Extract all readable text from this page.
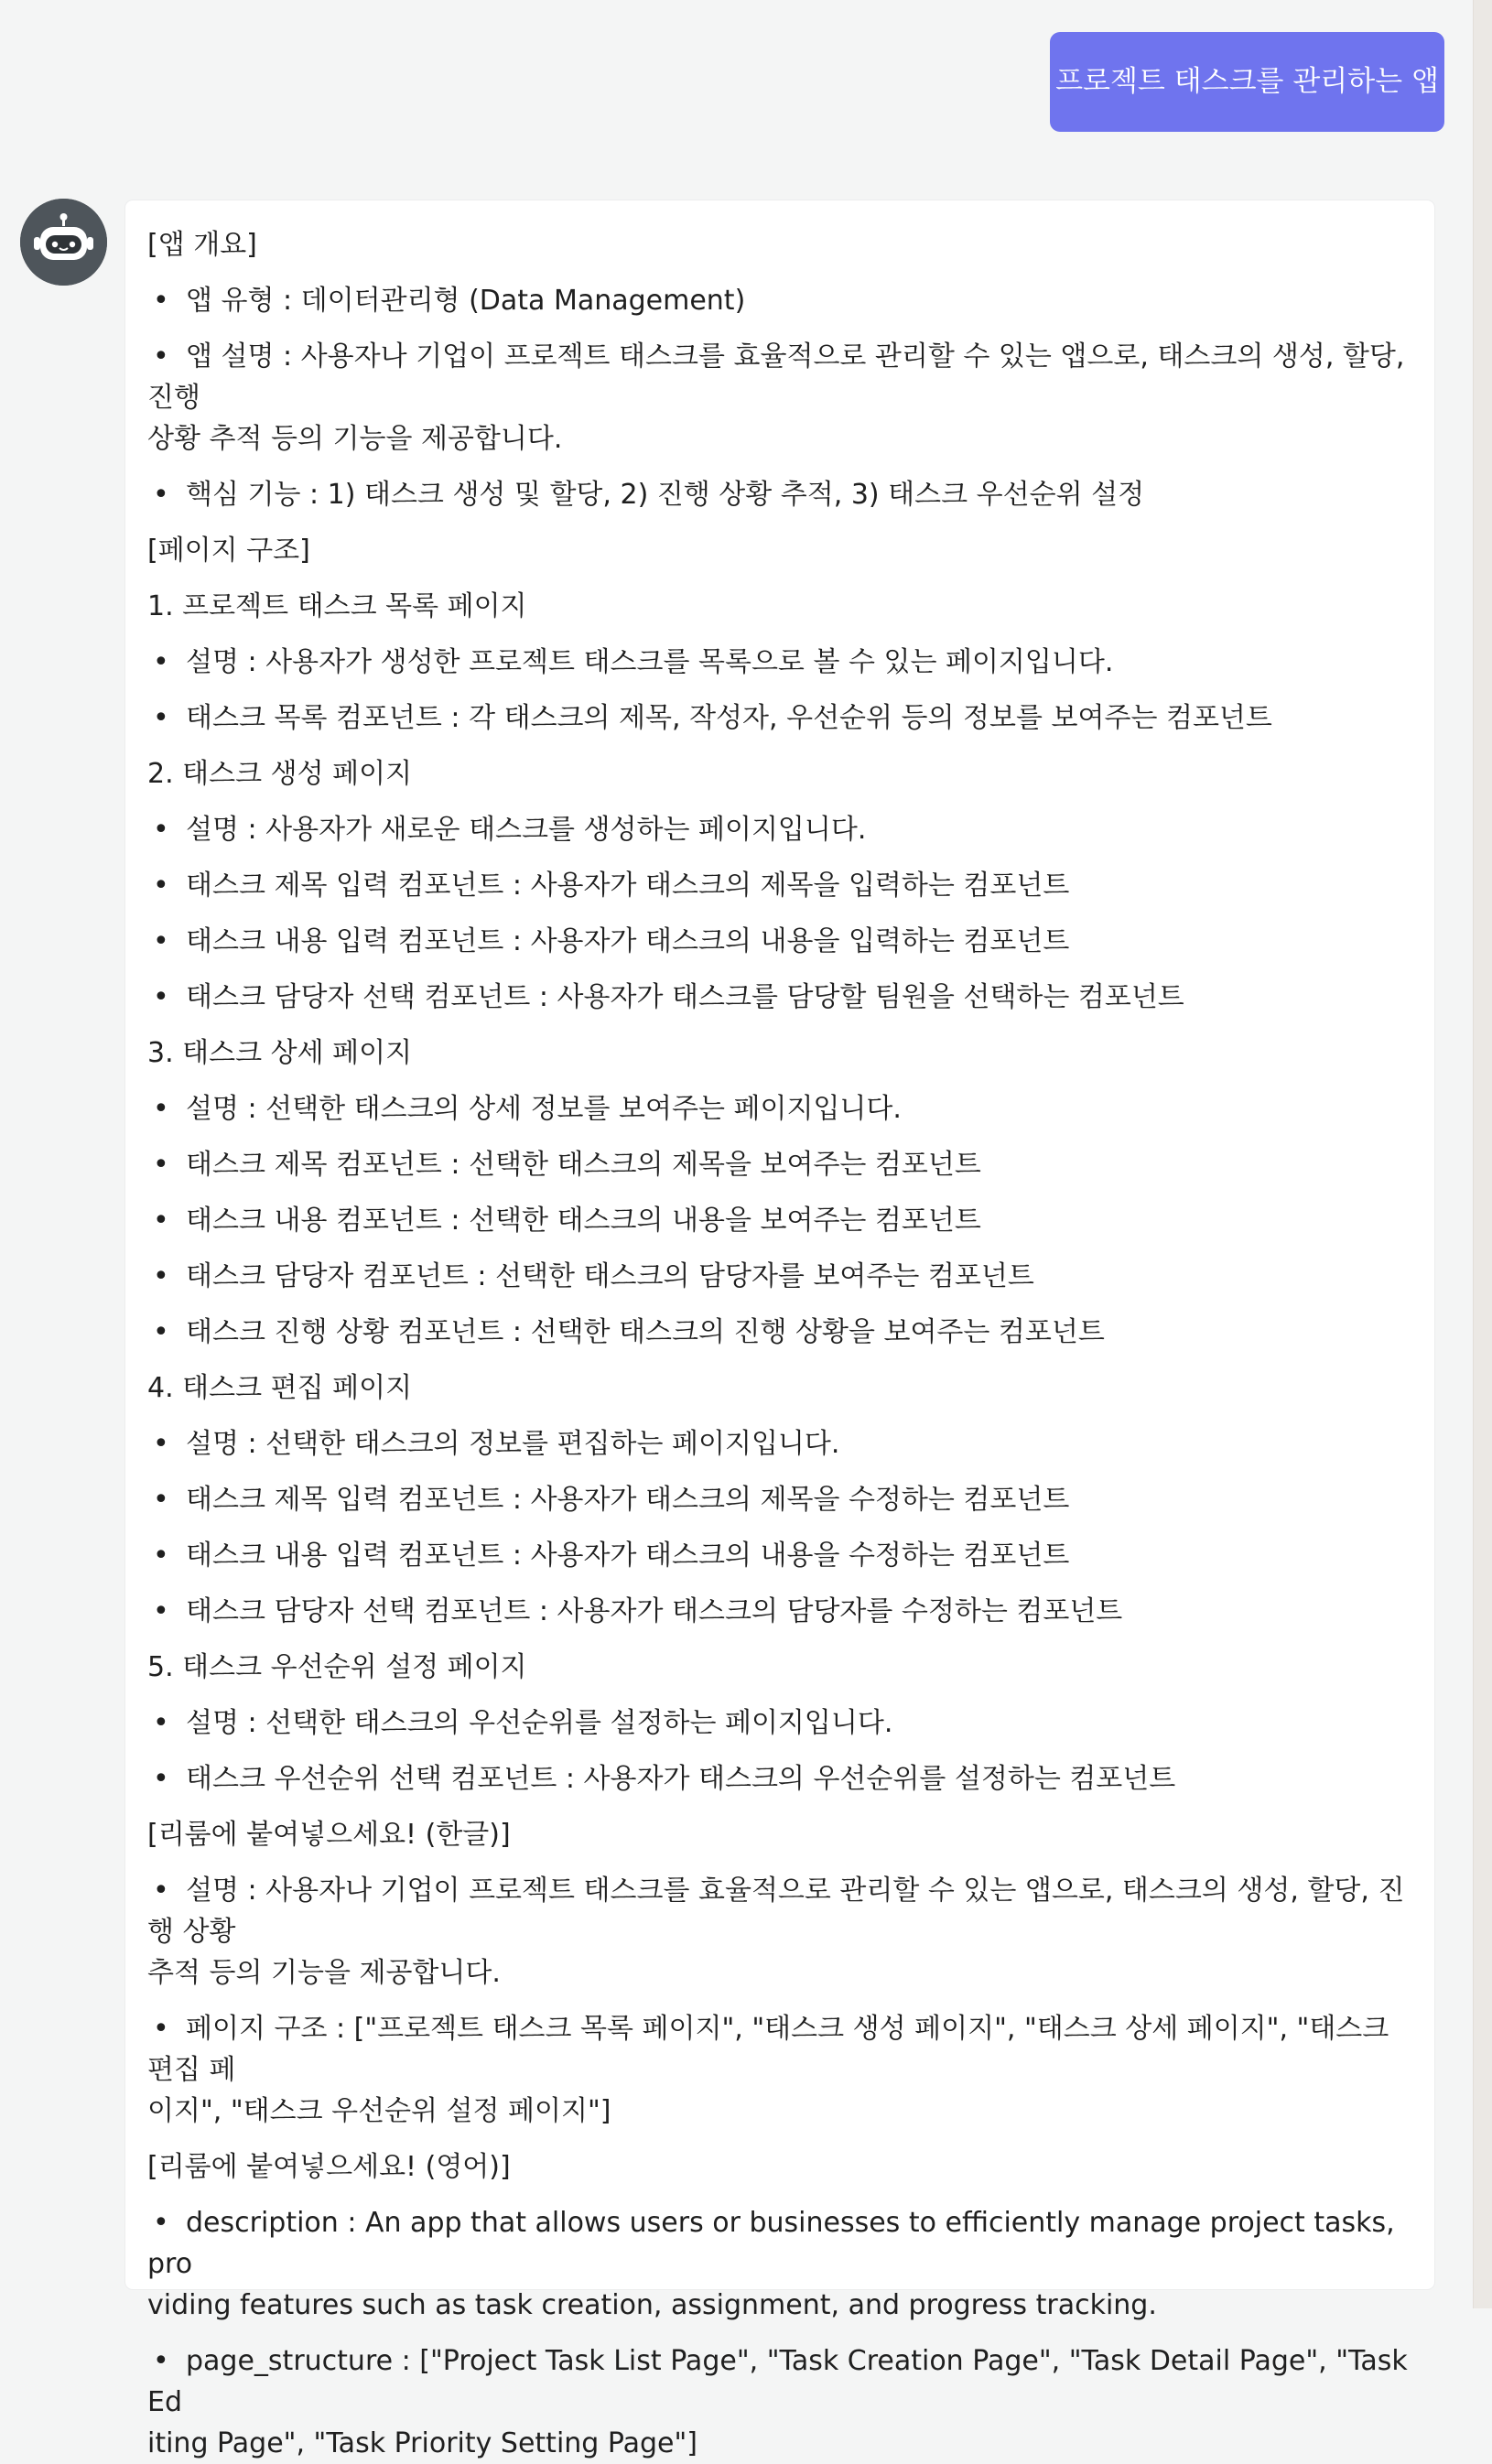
프로젝트 태스크를 관리하는 앱
[앱 개요]
• 앱 유형 : 데이터관리형 (Data Management)
• 앱 설명 : 사용자나 기업이 프로젝트 태스크를 효율적으로 관리할 수 있는 앱으로, 태스크의 생성, 할당, 진행
상황 추적 등의 기능을 제공합니다.
• 핵심 기능 : 1) 태스크 생성 및 할당, 2) 진행 상황 추적, 3) 태스크 우선순위 설정
[페이지 구조]
1. 프로젝트 태스크 목록 페이지
• 설명 : 사용자가 생성한 프로젝트 태스크를 목록으로 볼 수 있는 페이지입니다.
• 태스크 목록 컴포넌트 : 각 태스크의 제목, 작성자, 우선순위 등의 정보를 보여주는 컴포넌트
2. 태스크 생성 페이지
• 설명 : 사용자가 새로운 태스크를 생성하는 페이지입니다.
• 태스크 제목 입력 컴포넌트 : 사용자가 태스크의 제목을 입력하는 컴포넌트
• 태스크 내용 입력 컴포넌트 : 사용자가 태스크의 내용을 입력하는 컴포넌트
• 태스크 담당자 선택 컴포넌트 : 사용자가 태스크를 담당할 팀원을 선택하는 컴포넌트
3. 태스크 상세 페이지
• 설명 : 선택한 태스크의 상세 정보를 보여주는 페이지입니다.
• 태스크 제목 컴포넌트 : 선택한 태스크의 제목을 보여주는 컴포넌트
• 태스크 내용 컴포넌트 : 선택한 태스크의 내용을 보여주는 컴포넌트
• 태스크 담당자 컴포넌트 : 선택한 태스크의 담당자를 보여주는 컴포넌트
• 태스크 진행 상황 컴포넌트 : 선택한 태스크의 진행 상황을 보여주는 컴포넌트
4. 태스크 편집 페이지
• 설명 : 선택한 태스크의 정보를 편집하는 페이지입니다.
• 태스크 제목 입력 컴포넌트 : 사용자가 태스크의 제목을 수정하는 컴포넌트
• 태스크 내용 입력 컴포넌트 : 사용자가 태스크의 내용을 수정하는 컴포넌트
• 태스크 담당자 선택 컴포넌트 : 사용자가 태스크의 담당자를 수정하는 컴포넌트
5. 태스크 우선순위 설정 페이지
• 설명 : 선택한 태스크의 우선순위를 설정하는 페이지입니다.
• 태스크 우선순위 선택 컴포넌트 : 사용자가 태스크의 우선순위를 설정하는 컴포넌트
[리룸에 붙여넣으세요! (한글)]
• 설명 : 사용자나 기업이 프로젝트 태스크를 효율적으로 관리할 수 있는 앱으로, 태스크의 생성, 할당, 진행 상황
추적 등의 기능을 제공합니다.
• 페이지 구조 : ["프로젝트 태스크 목록 페이지", "태스크 생성 페이지", "태스크 상세 페이지", "태스크 편집 페
이지", "태스크 우선순위 설정 페이지"]
[리룸에 붙여넣으세요! (영어)]
• description : An app that allows users or businesses to efficiently manage project tasks, pro
viding features such as task creation, assignment, and progress tracking.
• page_structure : ["Project Task List Page", "Task Creation Page", "Task Detail Page", "Task Ed
iting Page", "Task Priority Setting Page"]
